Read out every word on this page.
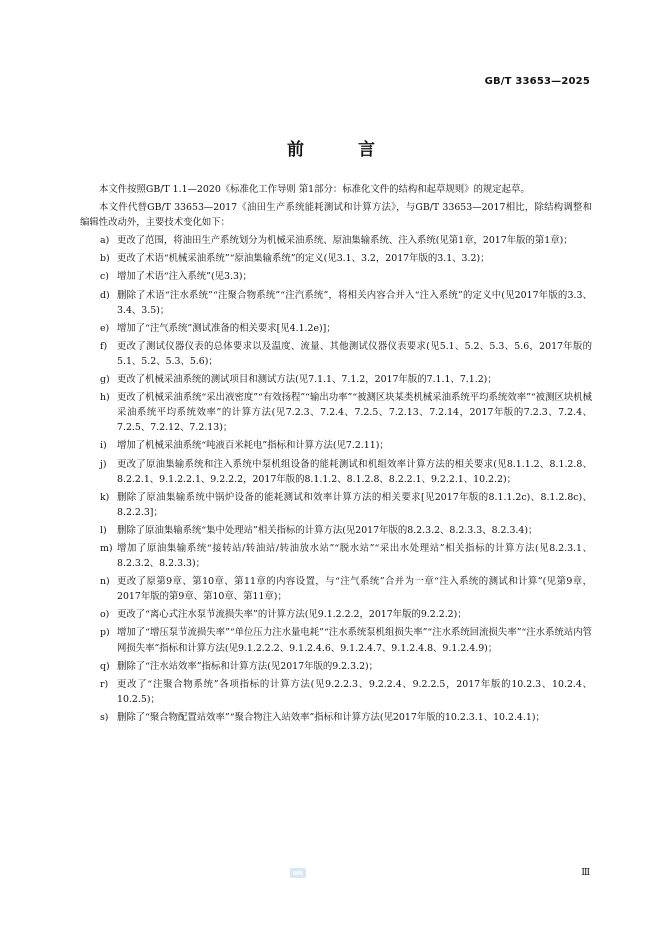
GB/T 33653—2025
前 言

本文件按照GB/T 1.1—2020《标准化工作导则 第1部分：标准化文件的结构和起草规则》的规定起草。

本文件代替GB/T 33653—2017《油田生产系统能耗测试和计算方法》，与GB/T 33653—2017相比，除结构调整和编辑性改动外，主要技术变化如下：

a) 更改了范围，将油田生产系统划分为机械采油系统、原油集输系统、注入系统(见第1章，2017年版的第1章)；
b) 更改了术语“机械采油系统”“原油集输系统”的定义(见3.1、3.2，2017年版的3.1、3.2)；
c) 增加了术语“注入系统”(见3.3)；
d) 删除了术语“注水系统”“注聚合物系统”“注汽系统”，将相关内容合并入“注入系统”的定义中(见2017年版的3.3、3.4、3.5)；
e) 增加了“注气系统”测试准备的相关要求[见4.1.2e)]；
f) 更改了测试仪器仪表的总体要求以及温度、流量、其他测试仪器仪表要求(见5.1、5.2、5.3、5.6，2017年版的5.1、5.2、5.3、5.6)；
g) 更改了机械采油系统的测试项目和测试方法(见7.1.1、7.1.2，2017年版的7.1.1、7.1.2)；
h) 更改了机械采油系统“采出液密度”“有效扬程”“输出功率”“被测区块某类机械采油系统平均系统效率”“被测区块机械采油系统平均系统效率”的计算方法(见7.2.3、7.2.4、7.2.5、7.2.13、7.2.14，2017年版的7.2.3、7.2.4、7.2.5、7.2.12、7.2.13)；
i) 增加了机械采油系统“吨液百米耗电”指标和计算方法(见7.2.11)；
j) 更改了原油集输系统和注入系统中泵机组设备的能耗测试和机组效率计算方法的相关要求(见8.1.1.2、8.1.2.8、8.2.2.1、9.1.2.2.1、9.2.2.2，2017年版的8.1.1.2、8.1.2.8、8.2.2.1、9.2.2.1、10.2.2)；
k) 删除了原油集输系统中锅炉设备的能耗测试和效率计算方法的相关要求[见2017年版的8.1.1.2c)、8.1.2.8c)、8.2.2.3]；
l) 删除了原油集输系统“集中处理站”相关指标的计算方法(见2017年版的8.2.3.2、8.2.3.3、8.2.3.4)；
m) 增加了原油集输系统“接转站/转油站/转油放水站”“脱水站”“采出水处理站”相关指标的计算方法(见8.2.3.1、8.2.3.2、8.2.3.3)；
n) 更改了原第9章、第10章、第11章的内容设置，与“注气系统”合并为一章“注入系统的测试和计算”(见第9章，2017年版的第9章、第10章、第11章)；
o) 更改了“离心式注水泵节流损失率”的计算方法(见9.1.2.2.2，2017年版的9.2.2.2)；
p) 增加了“增压泵节流损失率”“单位压力注水量电耗”“注水系统泵机组损失率”“注水系统回流损失率”“注水系统站内管网损失率”指标和计算方法(见9.1.2.2.2、9.1.2.4.6、9.1.2.4.7、9.1.2.4.8、9.1.2.4.9)；
q) 删除了“注水站效率”指标和计算方法(见2017年版的9.2.3.2)；
r) 更改了“注聚合物系统”各项指标的计算方法(见9.2.2.3、9.2.2.4、9.2.2.5，2017年版的10.2.3、10.2.4、10.2.5)；
s) 删除了“聚合物配置站效率”“聚合物注入站效率”指标和计算方法(见2017年版的10.2.3.1、10.2.4.1)；
Ⅲ
